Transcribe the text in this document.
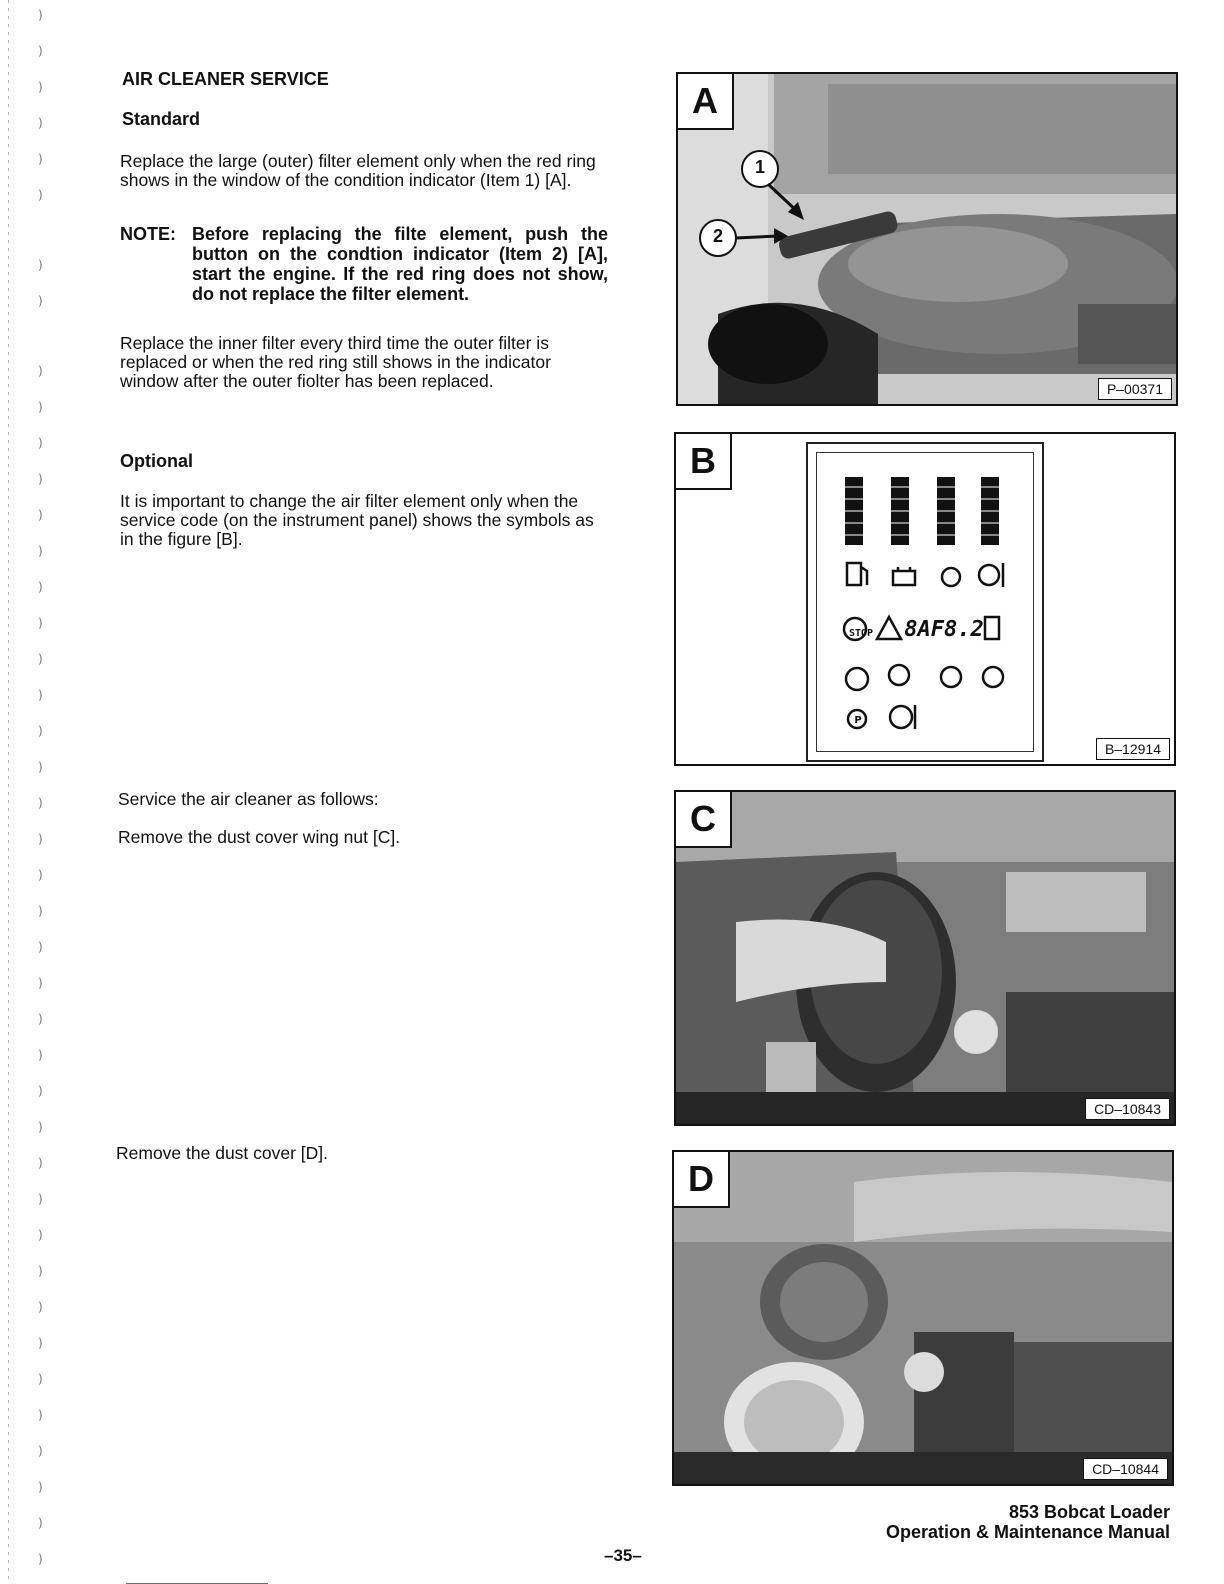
)
)
)
)
)
)
)
)
)
)
)
)
)
)
)
)
)
)
)
)
)
)
)
)
)
)
)
)
)
)
)
)
)
)
)
)
)
)
)
)
)
)
AIR CLEANER SERVICE
Standard
Replace the large (outer) filter element only when the red ring shows in the window of the condition indicator (Item 1) [A].
NOTE: Before replacing the filte element, push the button on the condtion indicator (Item 2) [A], start the engine. If the red ring does not show, do not replace the filter element.
Replace the inner filter every third time the outer filter is replaced or when the red ring still shows in the indicator window after the outer fiolter has been replaced.
Optional
It is important to change the air filter element only when the service code (on the instrument panel) shows the symbols as in the figure [B].
Service the air cleaner as follows:
Remove the dust cover wing nut [C].
Remove the dust cover [D].
A
1
2
P–00371
B
STOP 8AF8.2
P
B–12914
C
CD–10843
D
CD–10844
853 Bobcat Loader
Operation & Maintenance Manual
–35–
